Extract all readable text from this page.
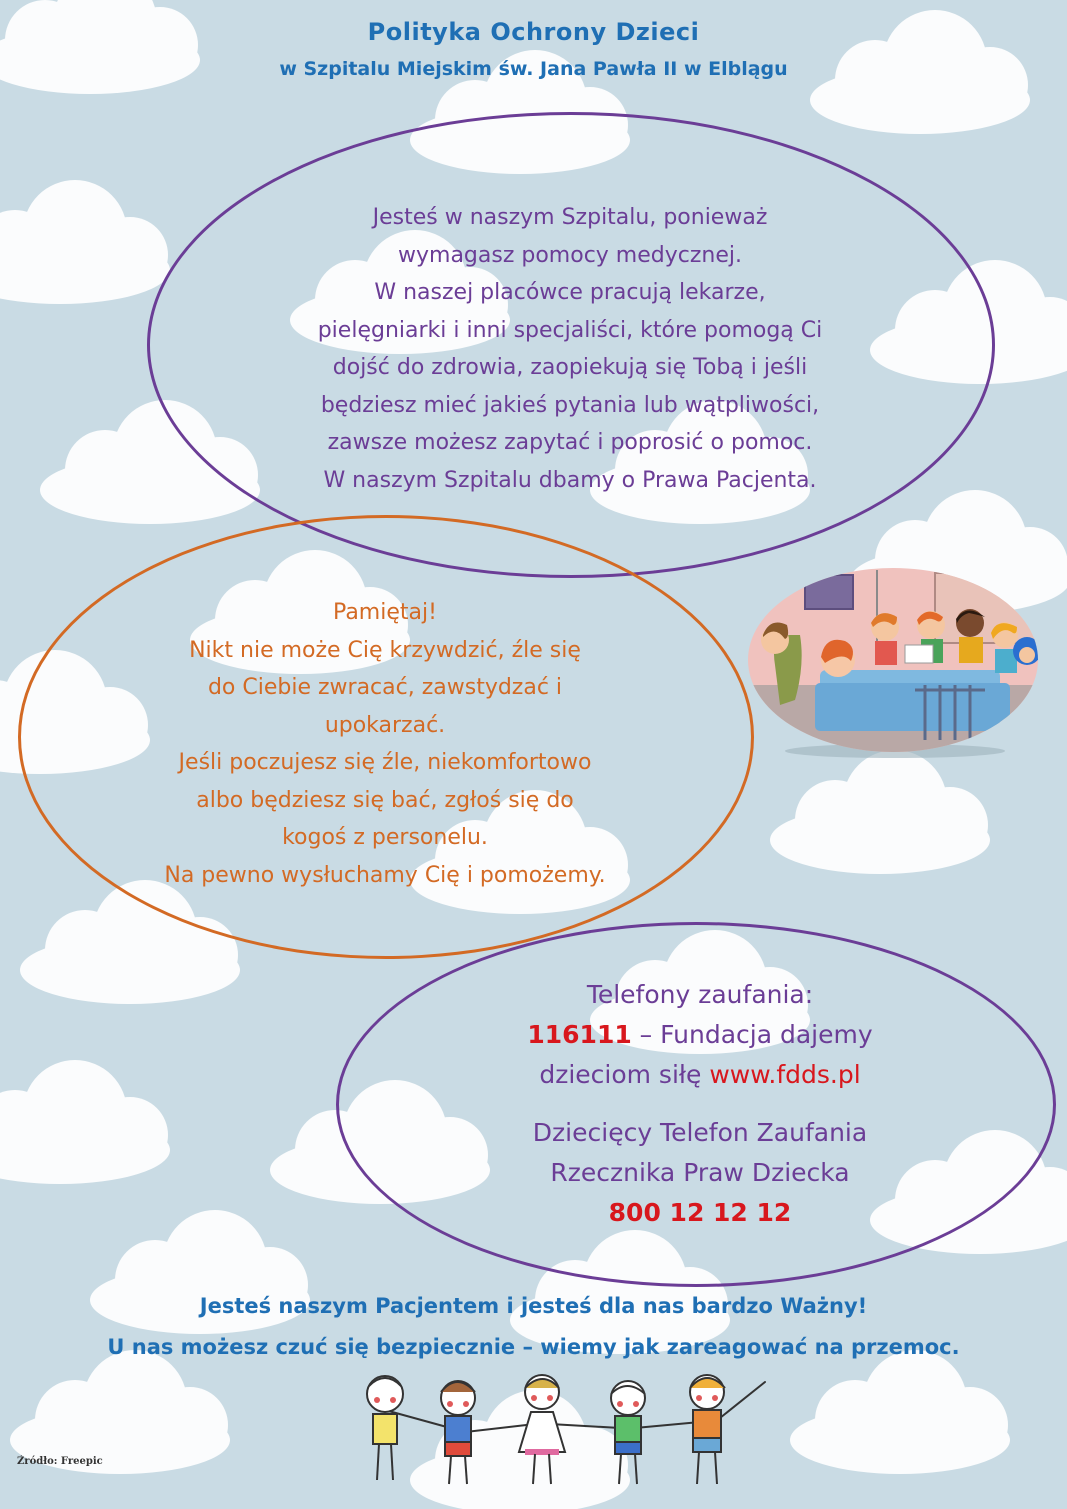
Polityka Ochrony Dzieci
w Szpitalu Miejskim św. Jana Pawła II w Elblągu
Jesteś w naszym Szpitalu, ponieważ
wymagasz pomocy medycznej.
W naszej placówce pracują lekarze,
pielęgniarki i inni specjaliści, które pomogą Ci
dojść do zdrowia, zaopiekują się Tobą i jeśli
będziesz mieć jakieś pytania lub wątpliwości,
zawsze możesz zapytać i poprosić o pomoc.
W naszym Szpitalu dbamy o Prawa Pacjenta.
Pamiętaj!
Nikt nie może Cię krzywdzić, źle się
do Ciebie zwracać, zawstydzać i
upokarzać.
Jeśli poczujesz się źle, niekomfortowo
albo będziesz się bać, zgłoś się do
kogoś z personelu.
Na pewno wysłuchamy Cię i pomożemy.
Telefony zaufania:
116111 – Fundacja dajemy
dzieciom siłę www.fdds.pl
Dziecięcy Telefon Zaufania
Rzecznika Praw Dziecka
800 12 12 12
Jesteś naszym Pacjentem i jesteś dla nas bardzo Ważny!
U nas możesz czuć się bezpiecznie – wiemy jak zareagować na przemoc.
Źródło: Freepic
